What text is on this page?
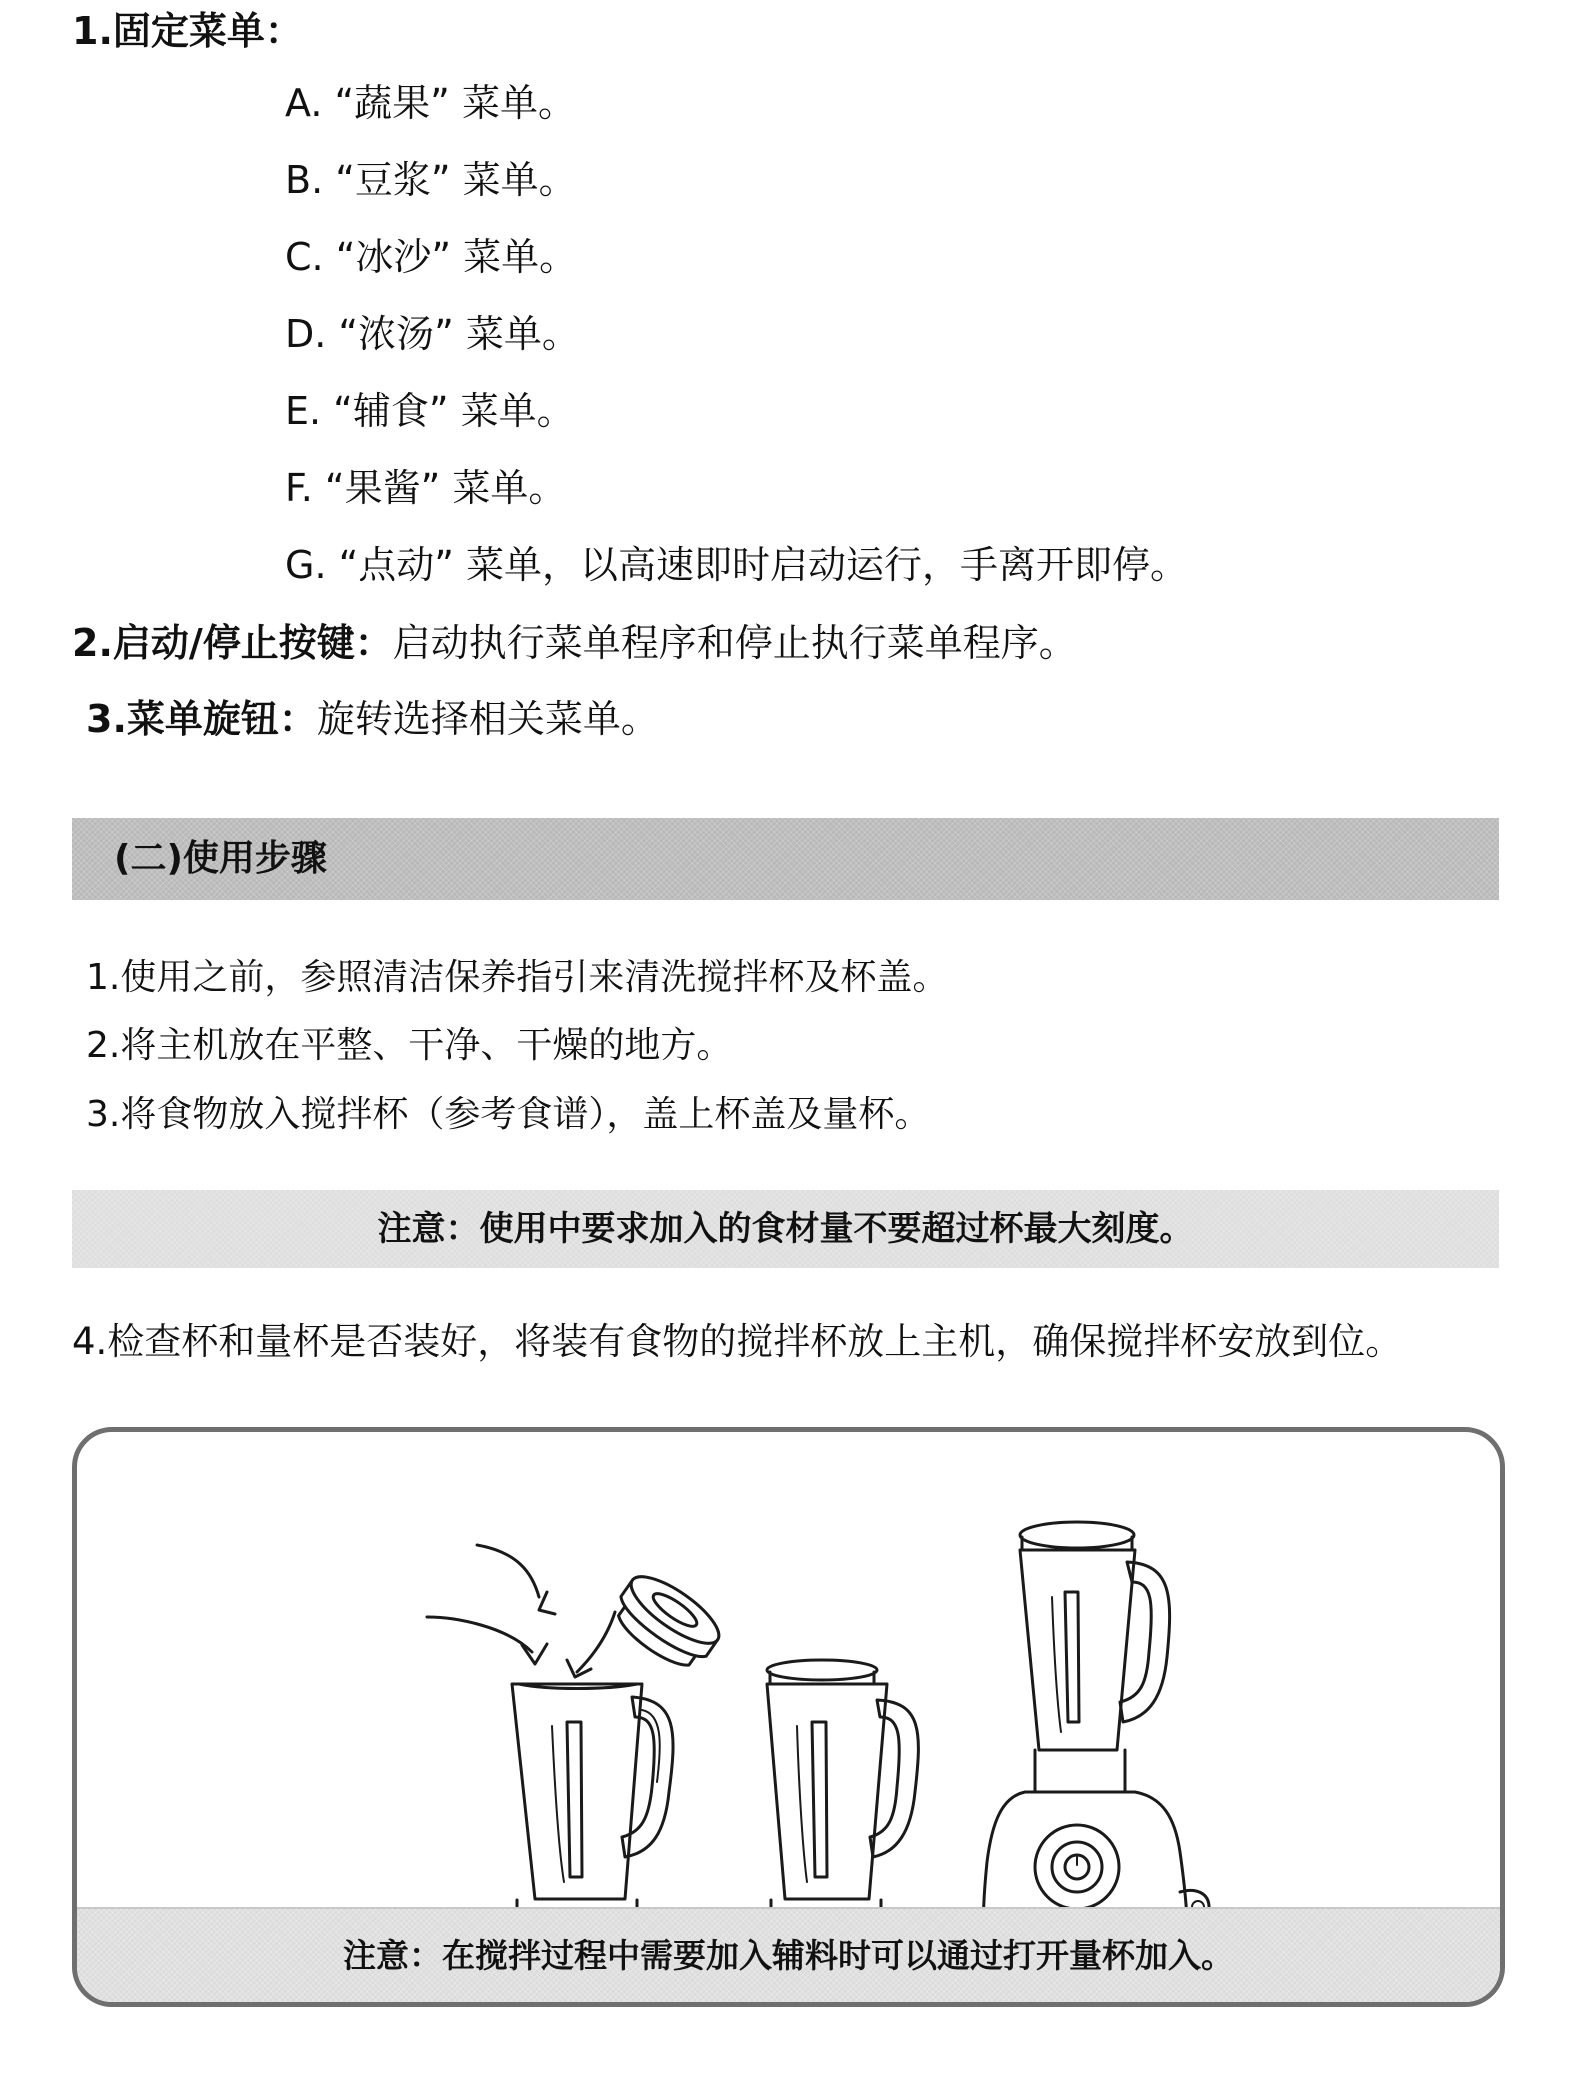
1.固定菜单：
A. “蔬果” 菜单。
B. “豆浆” 菜单。
C. “冰沙” 菜单。
D. “浓汤” 菜单。
E. “辅食” 菜单。
F. “果酱” 菜单。
G. “点动” 菜单，以高速即时启动运行，手离开即停。
2.启动/停止按键：启动执行菜单程序和停止执行菜单程序。
3.菜单旋钮：旋转选择相关菜单。
(二)使用步骤
1.使用之前，参照清洁保养指引来清洗搅拌杯及杯盖。
2.将主机放在平整、干净、干燥的地方。
3.将食物放入搅拌杯（参考食谱），盖上杯盖及量杯。
注意：使用中要求加入的食材量不要超过杯最大刻度。
4.检查杯和量杯是否装好，将装有食物的搅拌杯放上主机，确保搅拌杯安放到位。
注意：在搅拌过程中需要加入辅料时可以通过打开量杯加入。
